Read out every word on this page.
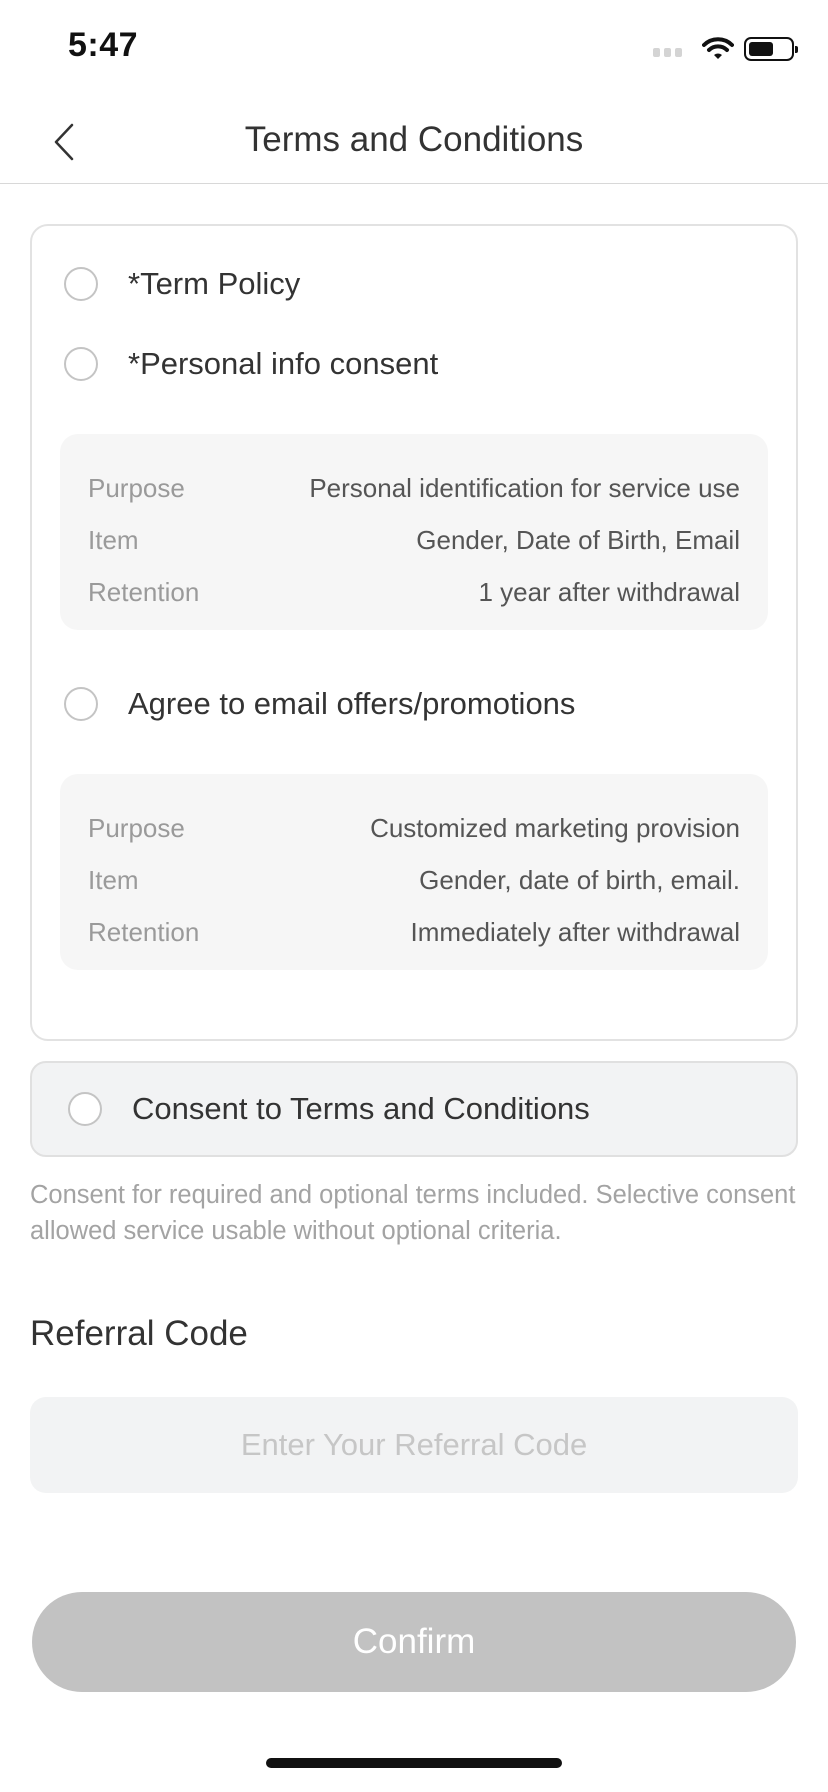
5:47
Terms and Conditions
*Term Policy
*Personal info consent
Purpose	Personal identification for service use
Item	Gender, Date of Birth, Email
Retention	1 year after withdrawal
Agree to email offers/promotions
Purpose	Customized marketing provision
Item	Gender, date of birth, email.
Retention	Immediately after withdrawal
Consent to Terms and Conditions
Consent for required and optional terms included. Selective consent allowed service usable without optional criteria.
Referral Code
Enter Your Referral Code
Confirm
